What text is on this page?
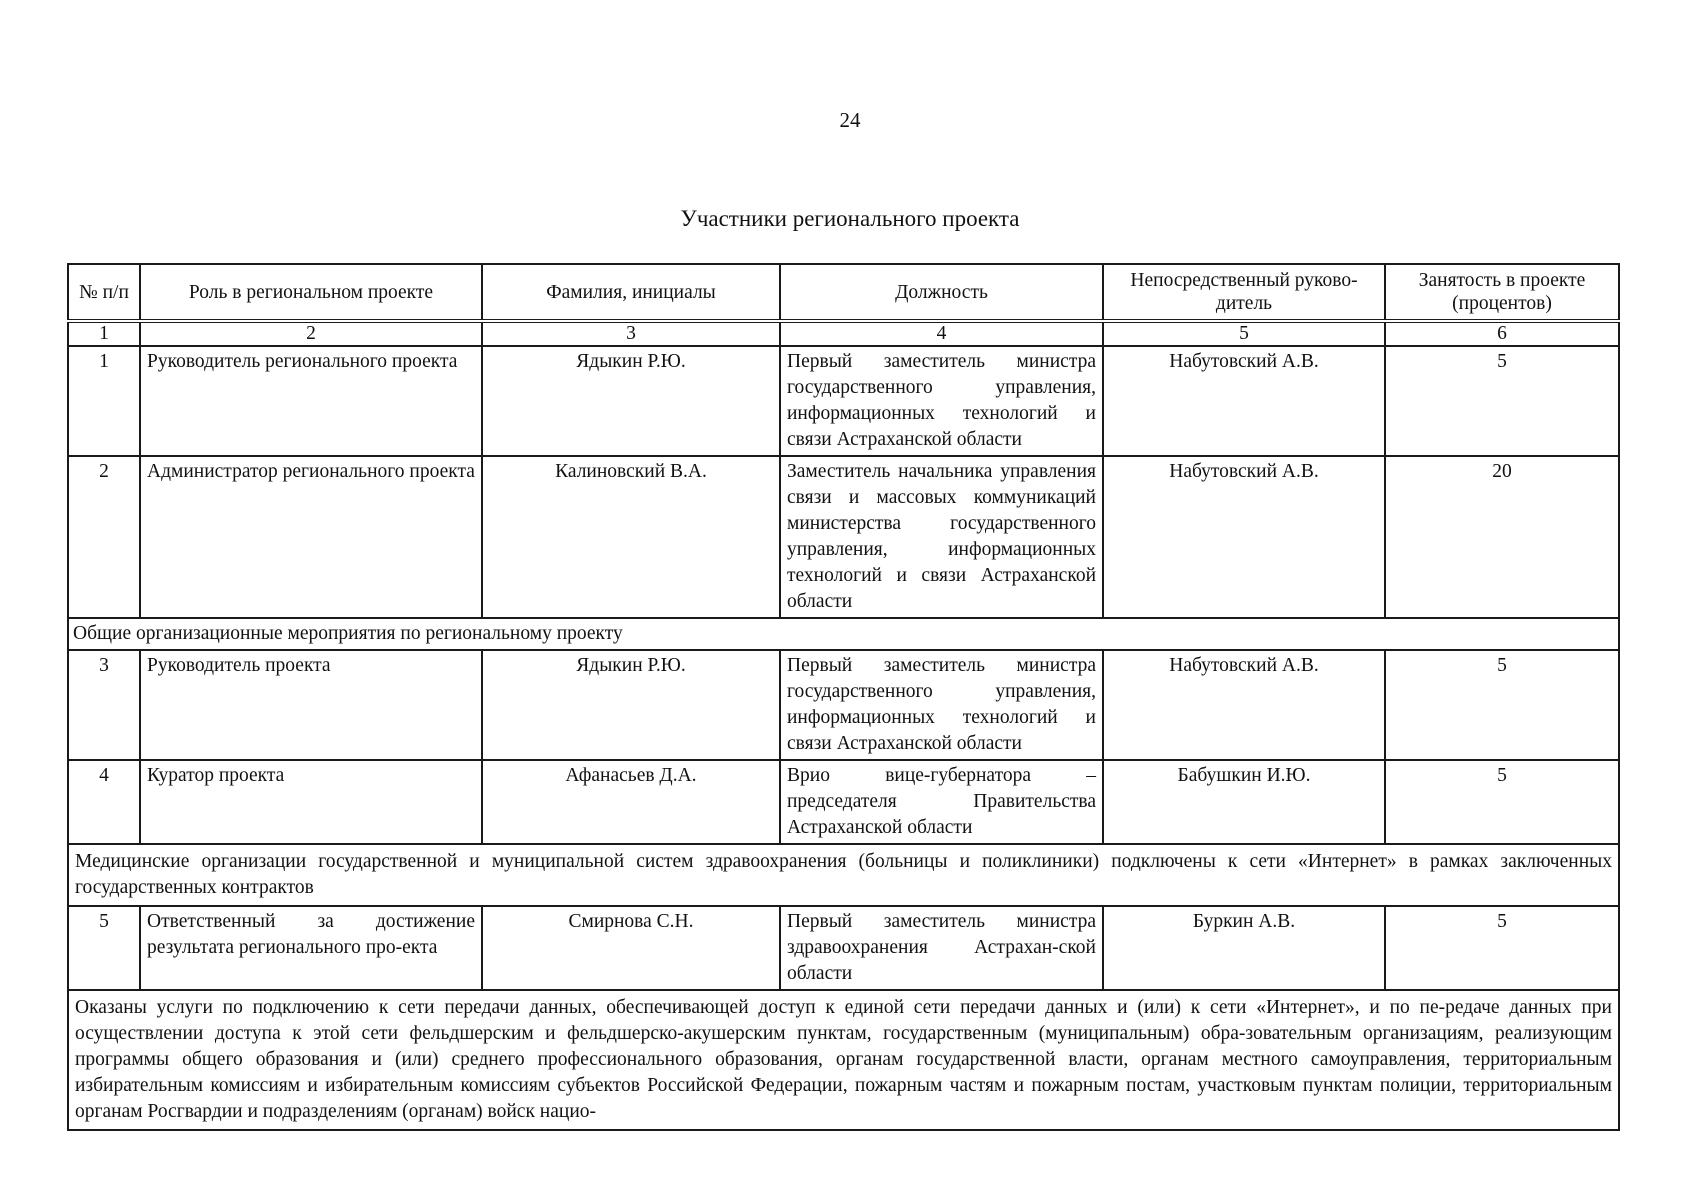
24
Участники регионального проекта
№ п/п	Роль в региональном проекте	Фамилия, инициалы	Должность	Непосредственный руково-дитель	Занятость в проекте (процентов)
1	2	3	4	5	6
1	Руководитель регионального проекта	Ядыкин Р.Ю.	Первый заместитель министра государственного управления, информационных технологий и связи Астраханской области	Набутовский А.В.	5
2	Администратор регионального проекта	Калиновский В.А.	Заместитель начальника управления связи и массовых коммуникаций министерства государственного управления, информационных технологий и связи Астраханской области	Набутовский А.В.	20
Общие организационные мероприятия по региональному проекту					
3	Руководитель проекта	Ядыкин Р.Ю.	Первый заместитель министра государственного управления, информационных технологий и связи Астраханской области	Набутовский А.В.	5
4	Куратор проекта	Афанасьев Д.А.	Врио вице-губернатора – председателя Правительства Астраханской области	Бабушкин И.Ю.	5
Медицинские организации государственной и муниципальной систем здравоохранения (больницы и поликлиники) подключены к сети «Интернет» в рамках заключенных государственных контрактов					
5	Ответственный за достижение результата регионального про-екта	Смирнова С.Н.	Первый заместитель министра здравоохранения Астрахан-ской области	Буркин А.В.	5
Оказаны услуги по подключению к сети передачи данных, обеспечивающей доступ к единой сети передачи данных и (или) к сети «Интернет», и по пе-редаче данных при осуществлении доступа к этой сети фельдшерским и фельдшерско-акушерским пунктам, государственным (муниципальным) обра-зовательным организациям, реализующим программы общего образования и (или) среднего профессионального образования, органам государственной власти, органам местного самоуправления, территориальным избирательным комиссиям и избирательным комиссиям субъектов Российской Федерации, пожарным частям и пожарным постам, участковым пунктам полиции, территориальным органам Росгвардии и подразделениям (органам) войск нацио-					
